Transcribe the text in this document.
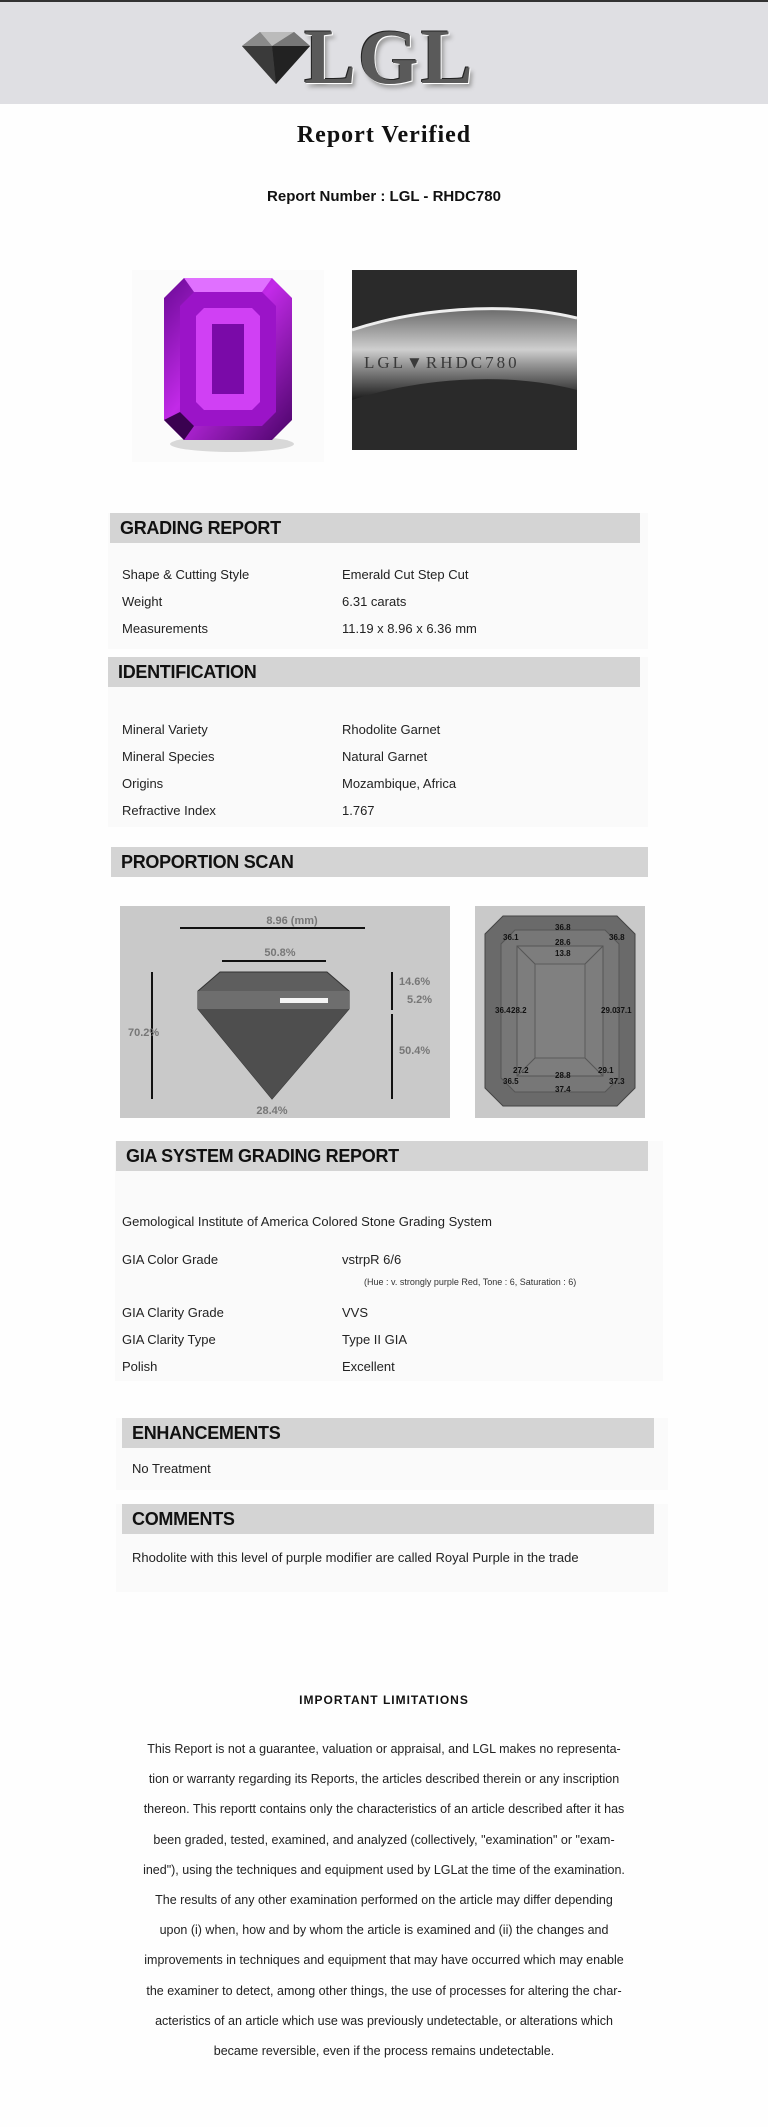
LGL
Report Verified
Report Number : LGL - RHDC780
LGL▼RHDC780
GRADING REPORT
Shape & Cutting Style	Emerald Cut Step Cut
Weight	6.31 carats
Measurements	11.19 x 8.96 x 6.36 mm
IDENTIFICATION
Mineral Variety	Rhodolite Garnet
Mineral Species	Natural Garnet
Origins	Mozambique, Africa
Refractive Index	1.767
PROPORTION SCAN
8.96 (mm)
50.8%
70.2%
14.6%
5.2%
50.4%
28.4%
36.8
36.1	36.8
28.6
13.8
36.4 28.2	29.0 37.1
27.2
28.8
29.1
36.5
37.4
37.3
GIA SYSTEM GRADING REPORT
Gemological Institute of America Colored Stone Grading System
GIA Color Grade	vstrpR 6/6
(Hue : v. strongly purple Red, Tone : 6, Saturation : 6)
GIA Clarity Grade	VVS
GIA Clarity Type	Type II GIA
Polish	Excellent
ENHANCEMENTS
No Treatment
COMMENTS
Rhodolite with this level of purple modifier are called Royal Purple in the trade
IMPORTANT LIMITATIONS
This Report is not a guarantee, valuation or appraisal, and LGL makes no representa-
tion or warranty regarding its Reports, the articles described therein or any inscription
thereon. This reportt contains only the characteristics of an article described after it has
been graded, tested, examined, and analyzed (collectively, "examination" or "exam-
ined"), using the techniques and equipment used by LGLat the time of the examination.
The results of any other examination performed on the article may differ depending
upon (i) when, how and by whom the article is examined and (ii) the changes and
improvements in techniques and equipment that may have occurred which may enable
the examiner to detect, among other things, the use of processes for altering the char-
acteristics of an article which use was previously undetectable, or alterations which
became reversible, even if the process remains undetectable.
